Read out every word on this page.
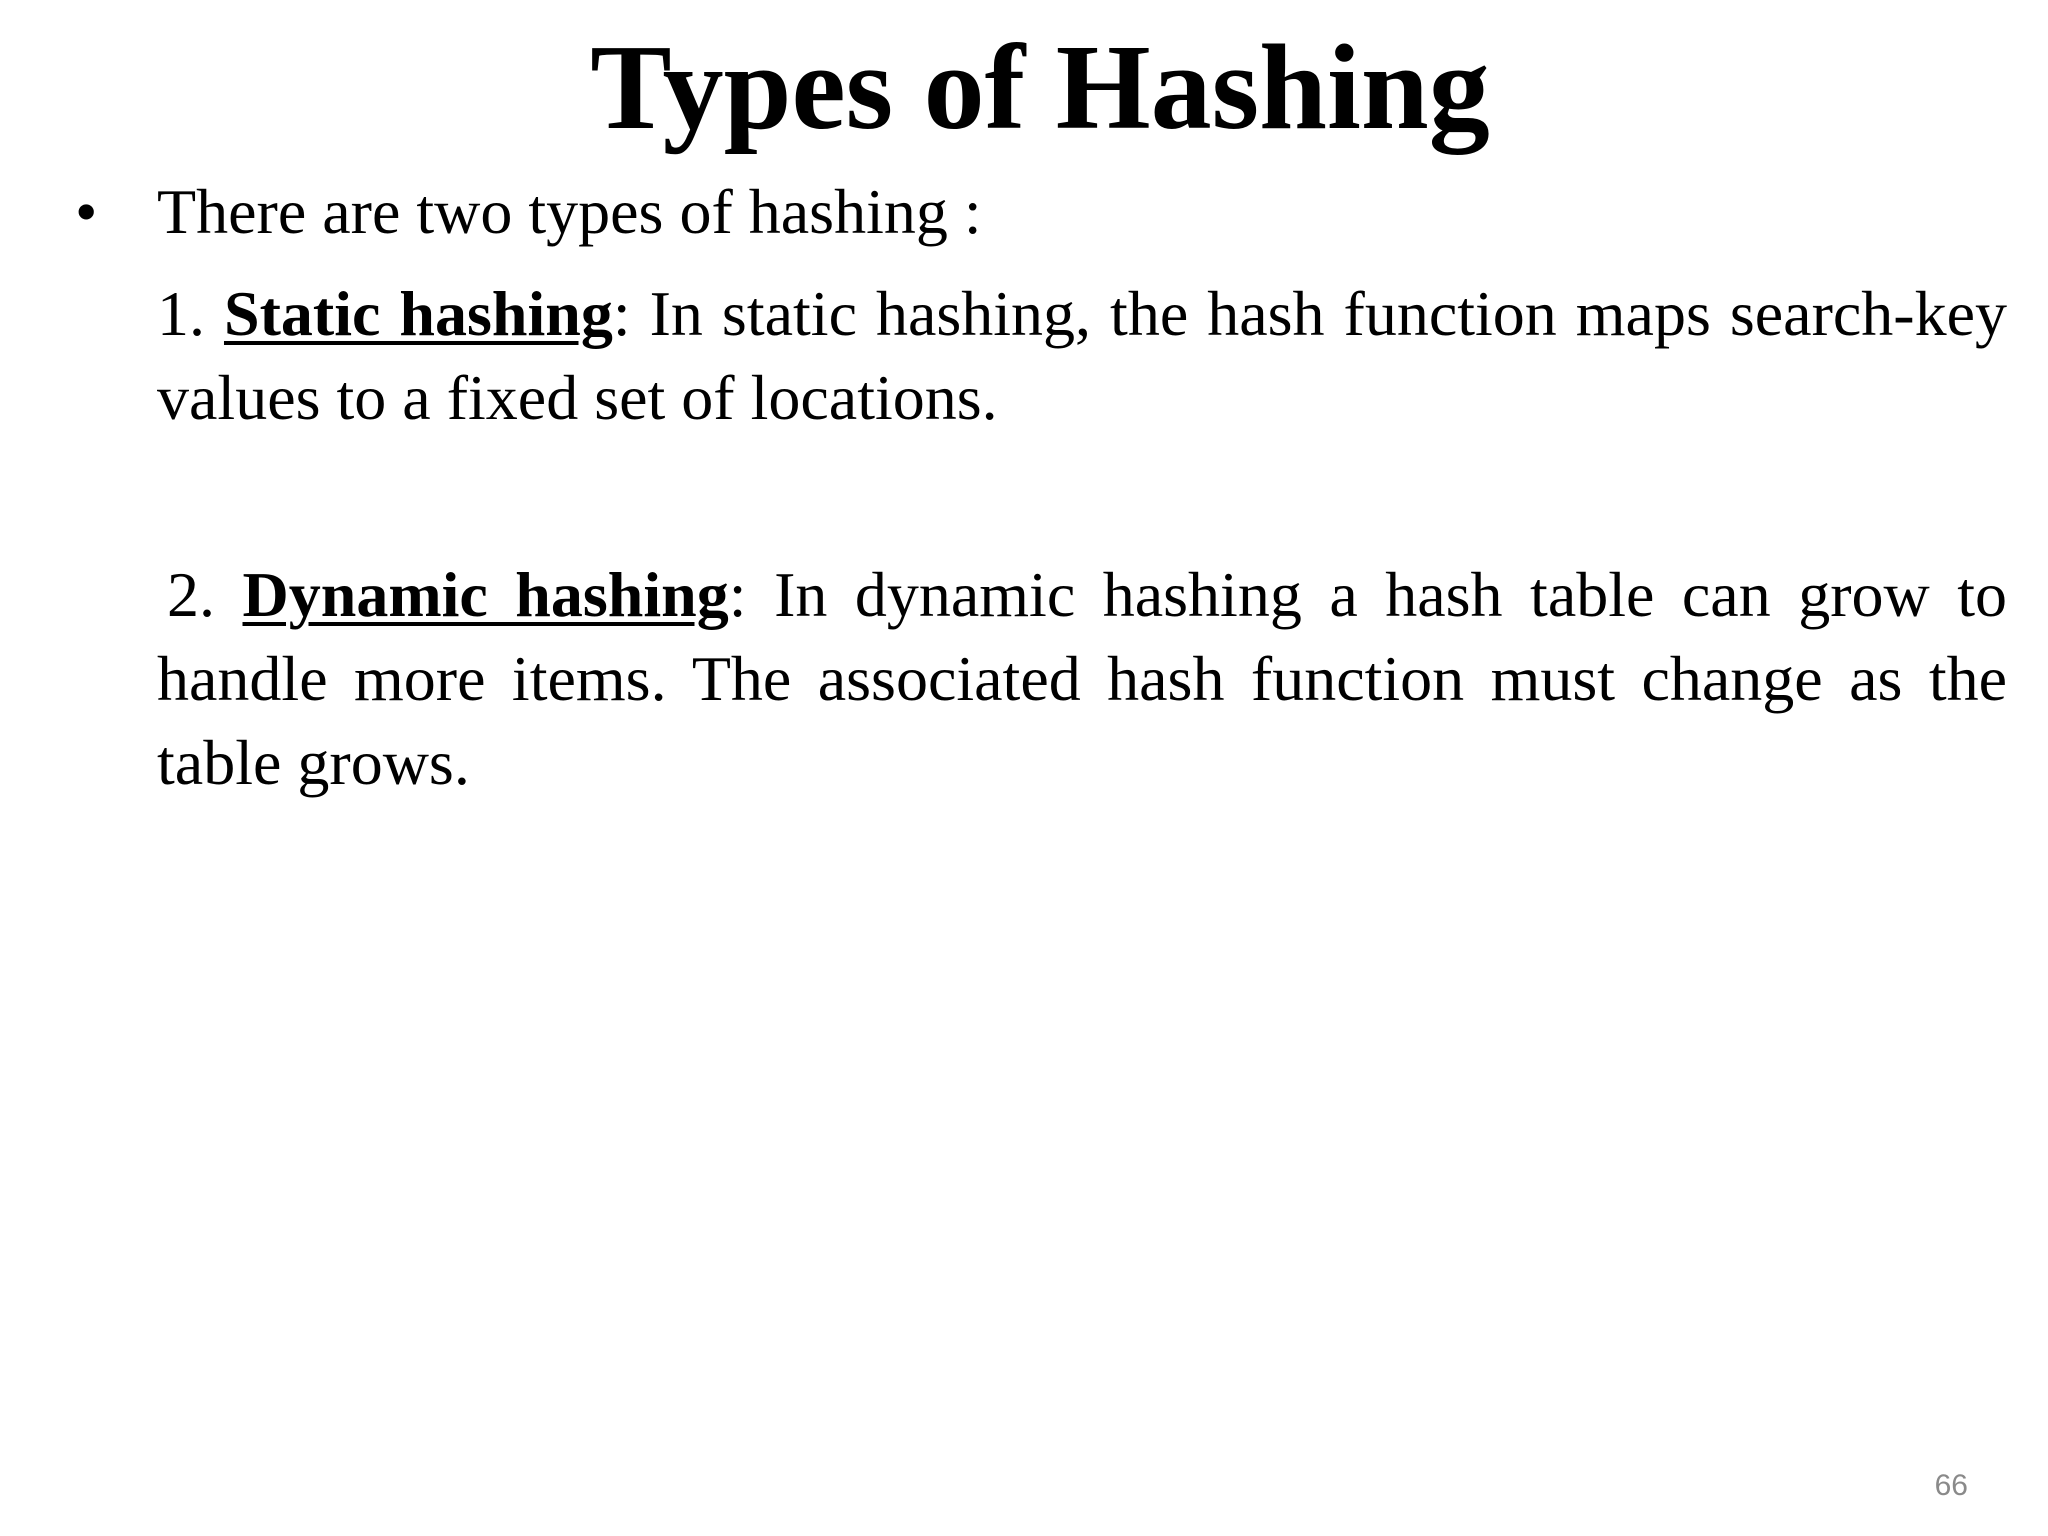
Types of Hashing
• There are two types of hashing :

1. Static hashing: In static hashing, the hash function maps search-key values to a fixed set of locations.

2. Dynamic hashing: In dynamic hashing a hash table can grow to handle more items. The associated hash function must change as the table grows.

66
